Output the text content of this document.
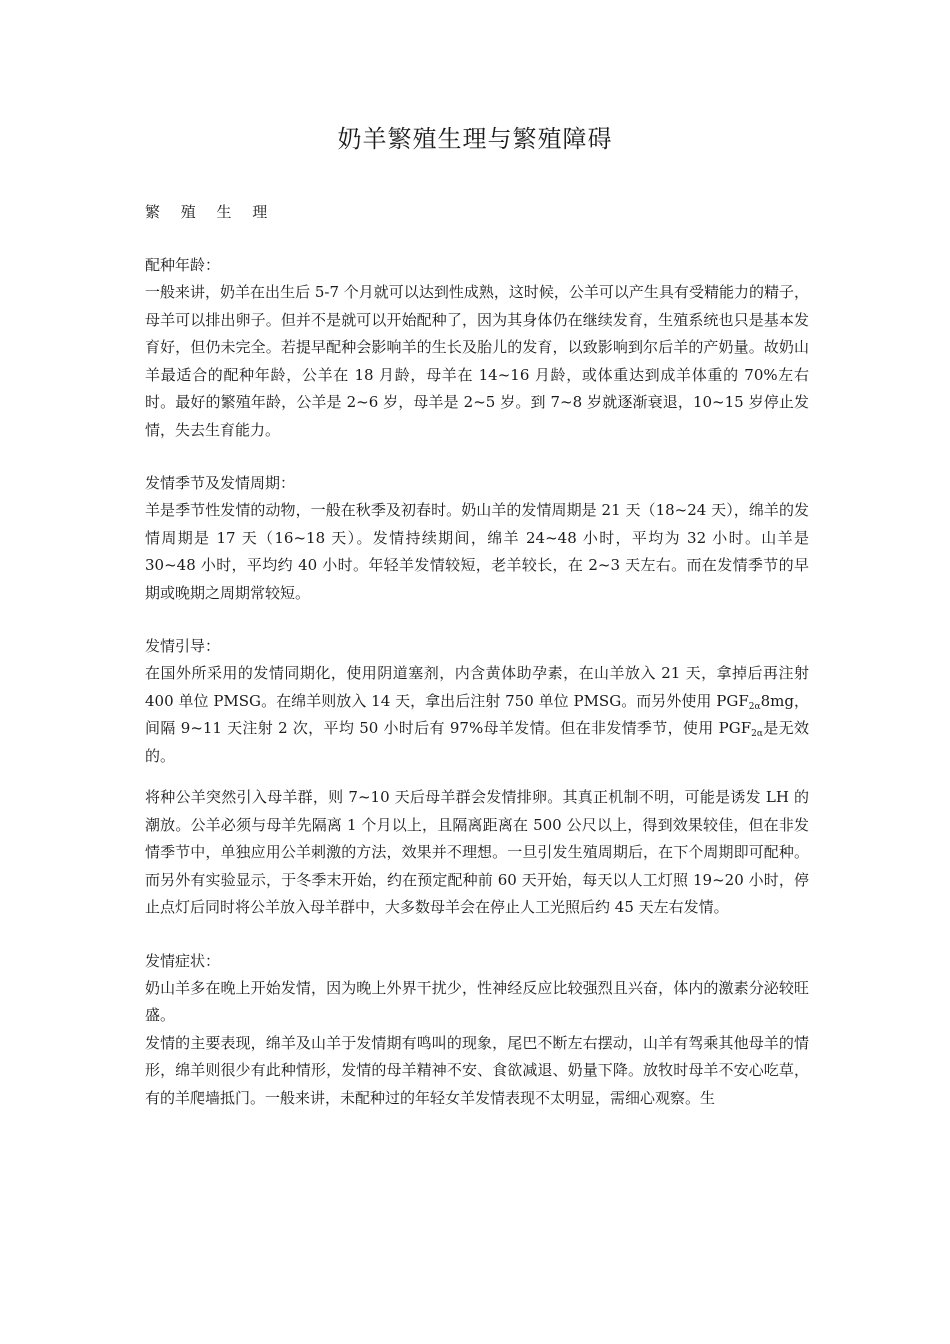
奶羊繁殖生理与繁殖障碍

繁 殖 生 理

配种年龄：

一般来讲，奶羊在出生后 5-7 个月就可以达到性成熟，这时候，公羊可以产生具有受精能力的精子，母羊可以排出卵子。但并不是就可以开始配种了，因为其身体仍在继续发育，生殖系统也只是基本发育好，但仍未完全。若提早配种会影响羊的生长及胎儿的发育，以致影响到尔后羊的产奶量。故奶山羊最适合的配种年龄，公羊在 18 月龄，母羊在 14~16 月龄，或体重达到成羊体重的 70%左右时。最好的繁殖年龄，公羊是 2~6 岁，母羊是 2~5 岁。到 7~8 岁就逐渐衰退，10~15 岁停止发情，失去生育能力。

发情季节及发情周期：

羊是季节性发情的动物，一般在秋季及初春时。奶山羊的发情周期是 21 天（18~24 天），绵羊的发情周期是 17 天（16~18 天）。发情持续期间，绵羊 24~48 小时，平均为 32 小时。山羊是 30~48 小时，平均约 40 小时。年轻羊发情较短，老羊较长，在 2~3 天左右。而在发情季节的早期或晚期之周期常较短。

发情引导：

在国外所采用的发情同期化，使用阴道塞剂，内含黄体助孕素，在山羊放入 21 天，拿掉后再注射 400 单位 PMSG。在绵羊则放入 14 天，拿出后注射 750 单位 PMSG。而另外使用 $PGF_{2\alpha}8mg$，间隔 9~11 天注射 2 次，平均 50 小时后有 97%母羊发情。但在非发情季节，使用 $PGF_{2\alpha}$是无效的。

将种公羊突然引入母羊群，则 7~10 天后母羊群会发情排卵。其真正机制不明，可能是诱发 LH 的潮放。公羊必须与母羊先隔离 1 个月以上，且隔离距离在 500 公尺以上，得到效果较佳，但在非发情季节中，单独应用公羊刺激的方法，效果并不理想。一旦引发生殖周期后，在下个周期即可配种。而另外有实验显示，于冬季末开始，约在预定配种前 60 天开始，每天以人工灯照 19~20 小时，停止点灯后同时将公羊放入母羊群中，大多数母羊会在停止人工光照后约 45 天左右发情。

发情症状：

奶山羊多在晚上开始发情，因为晚上外界干扰少，性神经反应比较强烈且兴奋，体内的激素分泌较旺盛。

发情的主要表现，绵羊及山羊于发情期有鸣叫的现象，尾巴不断左右摆动，山羊有驾乘其他母羊的情形，绵羊则很少有此种情形，发情的母羊精神不安、食欲减退、奶量下降。放牧时母羊不安心吃草，有的羊爬墙抵门。一般来讲，未配种过的年轻女羊发情表现不太明显，需细心观察。生
